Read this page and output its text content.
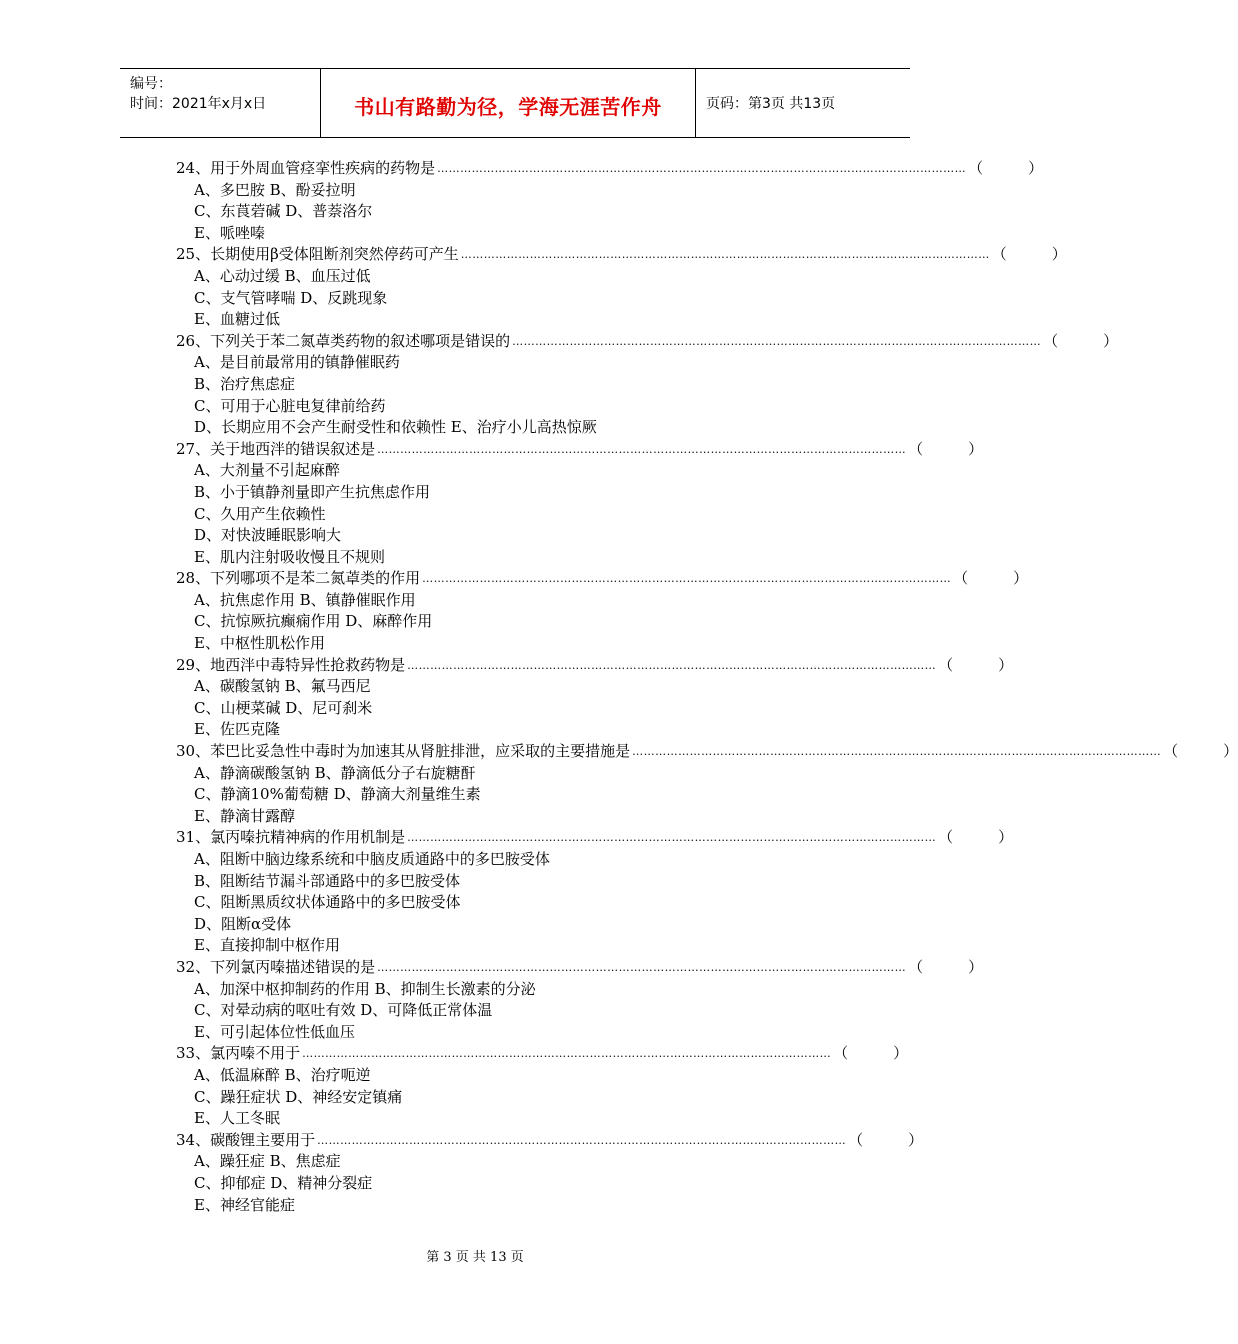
编号：
时间：2021年x月x日	书山有路勤为径，学海无涯苦作舟	页码：第3页 共13页
24、用于外周血管痉挛性疾病的药物是 ………………………………………………………………………………………………………………………… （	）
A、多巴胺 B、酚妥拉明
C、东莨菪碱 D、普萘洛尔
E、哌唑嗪
25、长期使用β受体阻断剂突然停药可产生 ………………………………………………………………………………………………………………………… （	）
A、心动过缓 B、血压过低
C、支气管哮喘 D、反跳现象
E、血糖过低
26、下列关于苯二氮䓬类药物的叙述哪项是错误的 ………………………………………………………………………………………………………………………… （	）
A、是目前最常用的镇静催眠药
B、治疗焦虑症
C、可用于心脏电复律前给药
D、长期应用不会产生耐受性和依赖性 E、治疗小儿高热惊厥
27、关于地西泮的错误叙述是 ………………………………………………………………………………………………………………………… （	）
A、大剂量不引起麻醉
B、小于镇静剂量即产生抗焦虑作用
C、久用产生依赖性
D、对快波睡眠影响大
E、肌内注射吸收慢且不规则
28、下列哪项不是苯二氮䓬类的作用 ………………………………………………………………………………………………………………………… （	）
A、抗焦虑作用 B、镇静催眠作用
C、抗惊厥抗癫痫作用 D、麻醉作用
E、中枢性肌松作用
29、地西泮中毒特异性抢救药物是 ………………………………………………………………………………………………………………………… （	）
A、碳酸氢钠 B、氟马西尼
C、山梗菜碱 D、尼可刹米
E、佐匹克隆
30、苯巴比妥急性中毒时为加速其从肾脏排泄，应采取的主要措施是 ………………………………………………………………………………………………………………………… （	）
A、静滴碳酸氢钠 B、静滴低分子右旋糖酐
C、静滴10%葡萄糖 D、静滴大剂量维生素
E、静滴甘露醇
31、氯丙嗪抗精神病的作用机制是 ………………………………………………………………………………………………………………………… （	）
A、阻断中脑边缘系统和中脑皮质通路中的多巴胺受体
B、阻断结节漏斗部通路中的多巴胺受体
C、阻断黑质纹状体通路中的多巴胺受体
D、阻断α受体
E、直接抑制中枢作用
32、下列氯丙嗪描述错误的是 ………………………………………………………………………………………………………………………… （	）
A、加深中枢抑制药的作用 B、抑制生长激素的分泌
C、对晕动病的呕吐有效 D、可降低正常体温
E、可引起体位性低血压
33、氯丙嗪不用于 ………………………………………………………………………………………………………………………… （	）
A、低温麻醉 B、治疗呃逆
C、躁狂症状 D、神经安定镇痛
E、人工冬眠
34、碳酸锂主要用于 ………………………………………………………………………………………………………………………… （	）
A、躁狂症 B、焦虑症
C、抑郁症 D、精神分裂症
E、神经官能症
第 3 页 共 13 页
